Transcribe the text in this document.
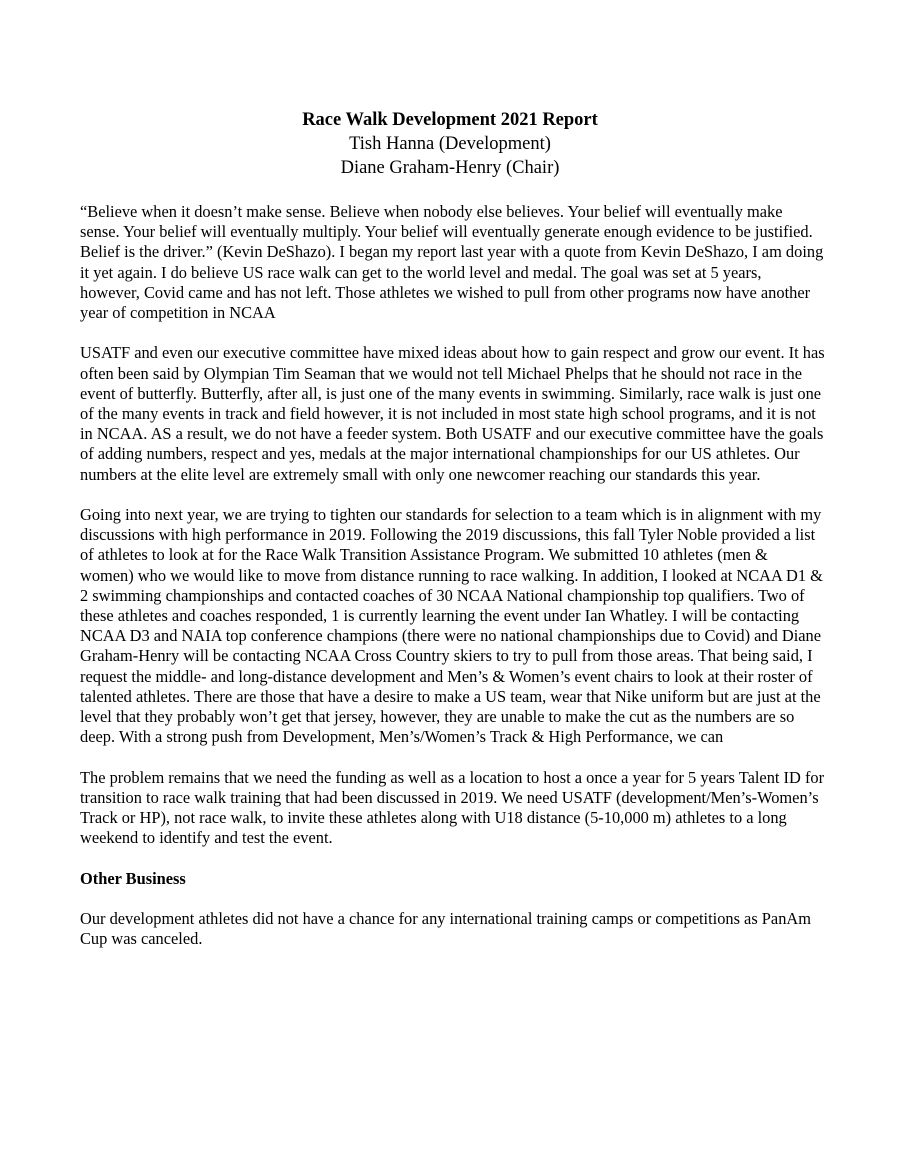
Race Walk Development 2021 Report
Tish Hanna (Development)
Diane Graham-Henry (Chair)

“Believe when it doesn’t make sense. Believe when nobody else believes. Your belief will eventually make sense. Your belief will eventually multiply. Your belief will eventually generate enough evidence to be justified. Belief is the driver.” (Kevin DeShazo). I began my report last year with a quote from Kevin DeShazo, I am doing it yet again. I do believe US race walk can get to the world level and medal. The goal was set at 5 years, however, Covid came and has not left. Those athletes we wished to pull from other programs now have another year of competition in NCAA

USATF and even our executive committee have mixed ideas about how to gain respect and grow our event. It has often been said by Olympian Tim Seaman that we would not tell Michael Phelps that he should not race in the event of butterfly. Butterfly, after all, is just one of the many events in swimming. Similarly, race walk is just one of the many events in track and field however, it is not included in most state high school programs, and it is not in NCAA. AS a result, we do not have a feeder system. Both USATF and our executive committee have the goals of adding numbers, respect and yes, medals at the major international championships for our US athletes. Our numbers at the elite level are extremely small with only one newcomer reaching our standards this year.

Going into next year, we are trying to tighten our standards for selection to a team which is in alignment with my discussions with high performance in 2019. Following the 2019 discussions, this fall Tyler Noble provided a list of athletes to look at for the Race Walk Transition Assistance Program. We submitted 10 athletes (men & women) who we would like to move from distance running to race walking. In addition, I looked at NCAA D1 & 2 swimming championships and contacted coaches of 30 NCAA National championship top qualifiers. Two of these athletes and coaches responded, 1 is currently learning the event under Ian Whatley. I will be contacting NCAA D3 and NAIA top conference champions (there were no national championships due to Covid) and Diane Graham-Henry will be contacting NCAA Cross Country skiers to try to pull from those areas. That being said, I request the middle- and long-distance development and Men’s & Women’s event chairs to look at their roster of talented athletes. There are those that have a desire to make a US team, wear that Nike uniform but are just at the level that they probably won’t get that jersey, however, they are unable to make the cut as the numbers are so deep. With a strong push from Development, Men’s/Women’s Track & High Performance, we can

The problem remains that we need the funding as well as a location to host a once a year for 5 years Talent ID for transition to race walk training that had been discussed in 2019. We need USATF (development/Men’s-Women’s Track or HP), not race walk, to invite these athletes along with U18 distance (5-10,000 m) athletes to a long weekend to identify and test the event.

Other Business

Our development athletes did not have a chance for any international training camps or competitions as PanAm Cup was canceled.
